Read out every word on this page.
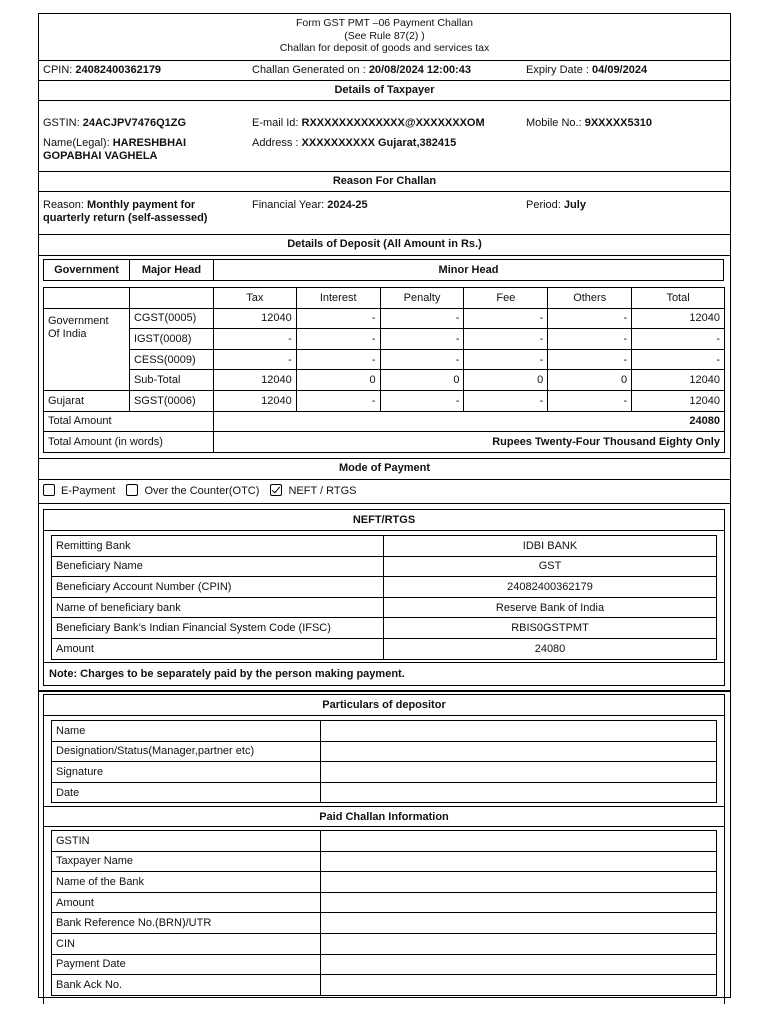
Form GST PMT –06 Payment Challan
(See Rule 87(2) )
Challan for deposit of goods and services tax
CPIN: 24082400362179	Challan Generated on : 20/08/2024 12:00:43	Expiry Date : 04/09/2024
Details of Taxpayer
GSTIN: 24ACJPV7476Q1ZG	E-mail Id: RXXXXXXXXXXXXX@XXXXXXXOM	Mobile No.: 9XXXXX5310
Name(Legal): HARESHBHAI
GOPABHAI VAGHELA
Address : XXXXXXXXXX Gujarat,382415
Reason For Challan
Reason: Monthly payment for
quarterly return (self-assessed)
Financial Year: 2024-25	Period: July
Details of Deposit (All Amount in Rs.)
Government	Major Head	Minor Head
		Tax	Interest	Penalty	Fee	Others	Total

Government
Of India	CGST(0005)	12040	-	-	-	-	12040
	IGST(0008)	-	-	-	-	-	-
	CESS(0009)	-	-	-	-	-	-
	Sub-Total	12040	0	0	0	0	12040
Gujarat	SGST(0006)	12040	-	-	-	-	12040
Total Amount		24080					
Total Amount (in words)		Rupees Twenty-Four Thousand Eighty Only					
Mode of Payment
E-Payment	Over the Counter(OTC)	NEFT / RTGS
NEFT/RTGS
Remitting Bank	IDBI BANK
Beneficiary Name	GST
Beneficiary Account Number (CPIN)	24082400362179
Name of beneficiary bank	Reserve Bank of India
Beneficiary Bank’s Indian Financial System Code (IFSC)	RBIS0GSTPMT
Amount	24080
Note: Charges to be separately paid by the person making payment.
Particulars of depositor
Name	
Designation/Status(Manager,partner etc)	
Signature	
Date	
Paid Challan Information
GSTIN	
Taxpayer Name	
Name of the Bank	
Amount	
Bank Reference No.(BRN)/UTR	
CIN	
Payment Date	
Bank Ack No.	
